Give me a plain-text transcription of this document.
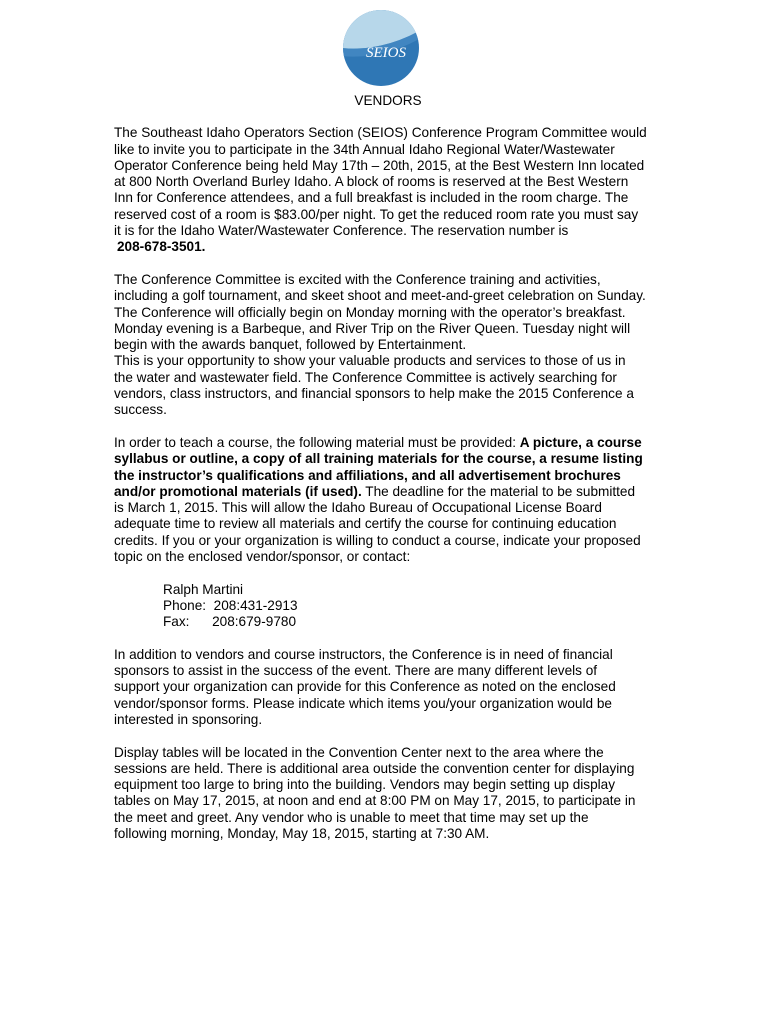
SEIOS
VENDORS
The Southeast Idaho Operators Section (SEIOS) Conference Program Committee would
like to invite you to participate in the 34th Annual Idaho Regional Water/Wastewater
Operator Conference being held May 17th – 20th, 2015, at the Best Western Inn located
at 800 North Overland Burley Idaho. A block of rooms is reserved at the Best Western
Inn for Conference attendees, and a full breakfast is included in the room charge. The
reserved cost of a room is $83.00/per night. To get the reduced room rate you must say
it is for the Idaho Water/Wastewater Conference. The reservation number is
208-678-3501.
The Conference Committee is excited with the Conference training and activities,
including a golf tournament, and skeet shoot and meet-and-greet celebration on Sunday.
The Conference will officially begin on Monday morning with the operator’s breakfast.
Monday evening is a Barbeque, and River Trip on the River Queen. Tuesday night will
begin with the awards banquet, followed by Entertainment.
This is your opportunity to show your valuable products and services to those of us in
the water and wastewater field. The Conference Committee is actively searching for
vendors, class instructors, and financial sponsors to help make the 2015 Conference a
success.
In order to teach a course, the following material must be provided: A picture, a course
syllabus or outline, a copy of all training materials for the course, a resume listing
the instructor’s qualifications and affiliations, and all advertisement brochures
and/or promotional materials (if used). The deadline for the material to be submitted
is March 1, 2015. This will allow the Idaho Bureau of Occupational License Board
adequate time to review all materials and certify the course for continuing education
credits. If you or your organization is willing to conduct a course, indicate your proposed
topic on the enclosed vendor/sponsor, or contact:
Ralph Martini
Phone:  208:431-2913
Fax:      208:679-9780
In addition to vendors and course instructors, the Conference is in need of financial
sponsors to assist in the success of the event. There are many different levels of
support your organization can provide for this Conference as noted on the enclosed
vendor/sponsor forms. Please indicate which items you/your organization would be
interested in sponsoring.
Display tables will be located in the Convention Center next to the area where the
sessions are held. There is additional area outside the convention center for displaying
equipment too large to bring into the building. Vendors may begin setting up display
tables on May 17, 2015, at noon and end at 8:00 PM on May 17, 2015, to participate in
the meet and greet. Any vendor who is unable to meet that time may set up the
following morning, Monday, May 18, 2015, starting at 7:30 AM.
